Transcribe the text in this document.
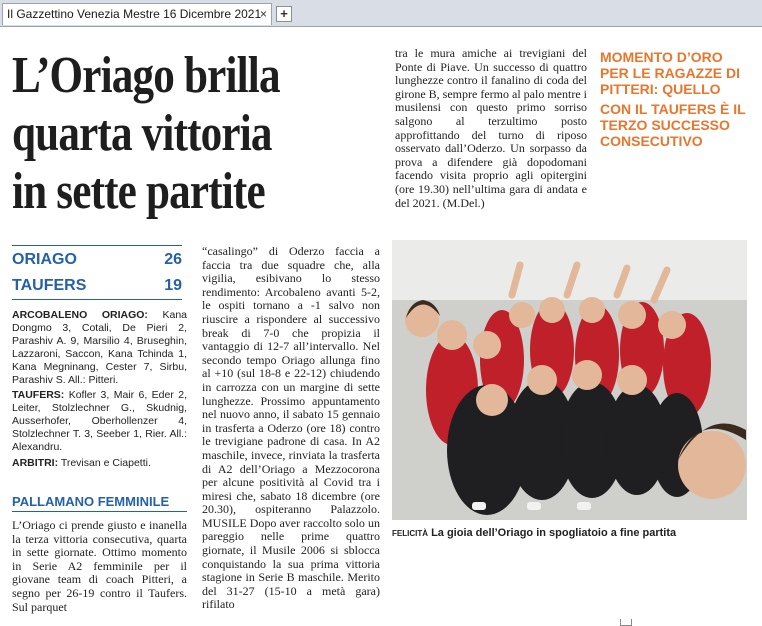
Il Gazzettino Venezia Mestre 16 Dicembre 2021
×	+
L’Oriago brilla
quarta vittoria
in sette partite
ORIAGO	26
TAUFERS	19
ARCOBALENO ORIAGO: Kana Dongmo 3, Cotali, De Pieri 2, Parashiv A. 9, Marsilio 4, Bruseghin, Lazzaroni, Saccon, Kana Tchinda 1, Kana Megninang, Cester 7, Sirbu, Parashiv S. All.: Pitteri.
TAUFERS: Kofler 3, Mair 6, Eder 2, Leiter, Stolzlechner G., Skudnig, Ausserhofer, Oberhollenzer 4, Stolzlechner T. 3, Seeber 1, Rier. All.: Alexandru.
ARBITRI: Trevisan e Ciapetti.
PALLAMANO FEMMINILE
L’Oriago ci prende giusto e inanella la terza vittoria consecutiva, quarta in sette giornate. Ottimo momento in Serie A2 femminile per il giovane team di coach Pitteri, a segno per 26-19 contro il Taufers. Sul parquet
“casalingo” di Oderzo faccia a faccia tra due squadre che, alla vigilia, esibivano lo stesso rendimento: Arcobaleno avanti 5-2, le ospiti tornano a -1 salvo non riuscire a rispondere al successivo break di 7-0 che propizia il vantaggio di 12-7 all’intervallo. Nel secondo tempo Oriago allunga fino al +10 (sul 18-8 e 22-12) chiudendo in carrozza con un margine di sette lunghezze. Prossimo appuntamento nel nuovo anno, il sabato 15 gennaio in trasferta a Oderzo (ore 18) contro le trevigiane padrone di casa. In A2 maschile, invece, rinviata la trasferta di A2 dell’Oriago a Mezzocorona per alcune positività al Covid tra i miresi che, sabato 18 dicembre (ore 20.30), ospiteranno Palazzolo. MUSILE Dopo aver raccolto solo un pareggio nelle prime quattro giornate, il Musile 2006 si sblocca conquistando la sua prima vittoria stagione in Serie B maschile. Merito del 31-27 (15-10 a metà gara) rifilato
tra le mura amiche ai trevigiani del Ponte di Piave. Un successo di quattro lunghezze contro il fanalino di coda del girone B, sempre fermo al palo mentre i musilensi con questo primo sorriso salgono al terzultimo posto approfittando del turno di riposo osservato dall’Oderzo. Un sorpasso da prova a difendere già dopodomani facendo visita proprio agli opitergini (ore 19.30) nell’ultima gara di andata e del 2021. (M.Del.)
MOMENTO D’ORO PER LE RAGAZZE DI PITTERI: QUELLO
CON IL TAUFERS È IL TERZO SUCCESSO CONSECUTIVO
FELICITÀ La gioia dell’Oriago in spogliatoio a fine partita
